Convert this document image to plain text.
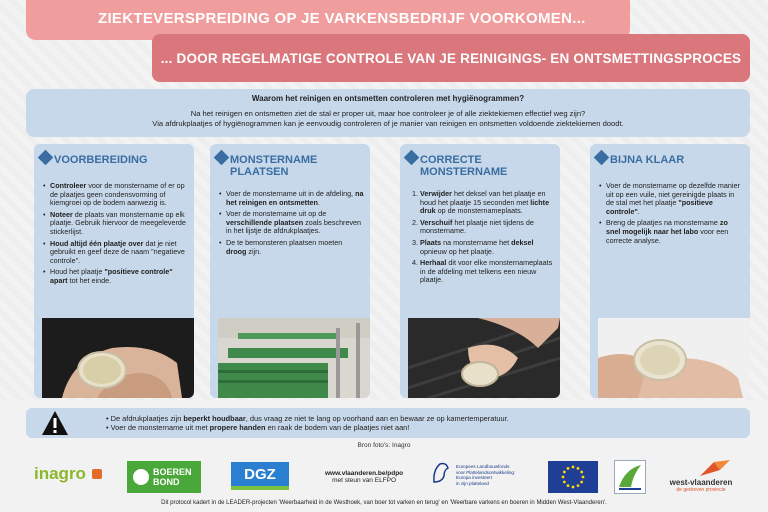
ZIEKTEVERSPREIDING OP JE VARKENSBEDRIJF VOORKOMEN...
... DOOR REGELMATIGE CONTROLE VAN JE REINIGINGS- EN ONTSMETTINGSPROCES
Waarom het reinigen en ontsmetten controleren met hygiënogrammen?
Na het reinigen en ontsmetten ziet de stal er proper uit, maar hoe controleer je of alle ziektekiemen effectief weg zijn?
Via afdrukplaatjes of hygiënogrammen kan je eenvoudig controleren of je manier van reinigen en ontsmetten voldoende ziektekiemen doodt.
VOORBEREIDING
• Controleer voor de monstername of er op de plaatjes geen condensvorming of kiemgroei op de bodem aanwezig is.
• Noteer de plaats van monstername op elk plaatje. Gebruik hiervoor de meegeleverde stickerlijst.
• Houd altijd één plaatje over dat je niet gebruikt en geef deze de naam "negatieve controle".
• Houd het plaatje "positieve controle" apart tot het einde.
MONSTERNAME PLAATSEN
• Voer de monstername uit in de afdeling, na het reinigen en ontsmetten.
• Voer de monstername uit op de verschillende plaatsen zoals beschreven in het lijstje de afdrukplaatjes.
• De te bemonsteren plaatsen moeten droog zijn.
CORRECTE MONSTERNAME
1. Verwijder het deksel van het plaatje en houd het plaatje 15 seconden met lichte druk op de monsternameplaats.
2. Verschuif het plaatje niet tijdens de monstername.
3. Plaats na monstername het deksel opnieuw op het plaatje.
4. Herhaal dit voor elke monsternameplaats in de afdeling met telkens een nieuw plaatje.
BIJNA KLAAR
• Voer de monstername op dezelfde manier uit op een vuile, niet gereinigde plaats in de stal met het plaatje "positieve controle".
• Breng de plaatjes na monstername zo snel mogelijk naar het labo voor een correcte analyse.
• De afdrukplaatjes zijn beperkt houdbaar, dus vraag ze niet te lang op voorhand aan en bewaar ze op kamertemperatuur.
• Voer de monstername uit met propere handen en raak de bodem van de plaatjes niet aan!
Bron foto's: Inagro
inagro	BOEREN
BOND	DGZ	www.vlaanderen.be/pdpo
met steun van ELFPO
Europees Landbouwfonds
voor Plattelandsontwikkeling:
Europa investeert
in zijn platteland	west-vlaanderen
de gedreven provincie
Dit protocol kadert in de LEADER-projecten 'Weerbaarheid in de Westhoek, van boer tot varken en terug' en 'Weerbare varkens en boeren in Midden West-Vlaanderen'.
